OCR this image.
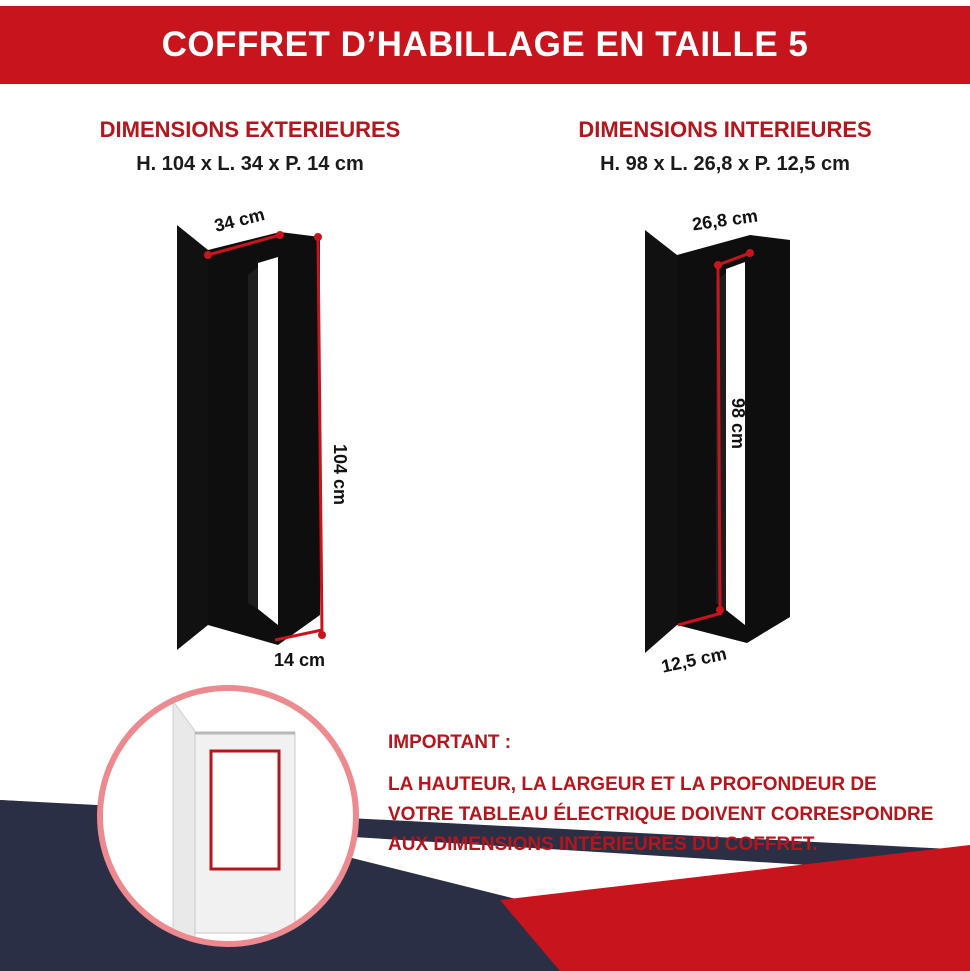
COFFRET D’HABILLAGE EN TAILLE 5
DIMENSIONS EXTERIEURES
H. 104 x L. 34 x P. 14 cm
DIMENSIONS INTERIEURES
H. 98 x L. 26,8 x P. 12,5 cm
34 cm
104 cm
14 cm
26,8 cm
98 cm
12,5 cm
IMPORTANT :
LA HAUTEUR, LA LARGEUR ET LA PROFONDEUR DE
VOTRE TABLEAU ÉLECTRIQUE DOIVENT CORRESPONDRE
AUX DIMENSIONS INTÉRIEURES DU COFFRET.
